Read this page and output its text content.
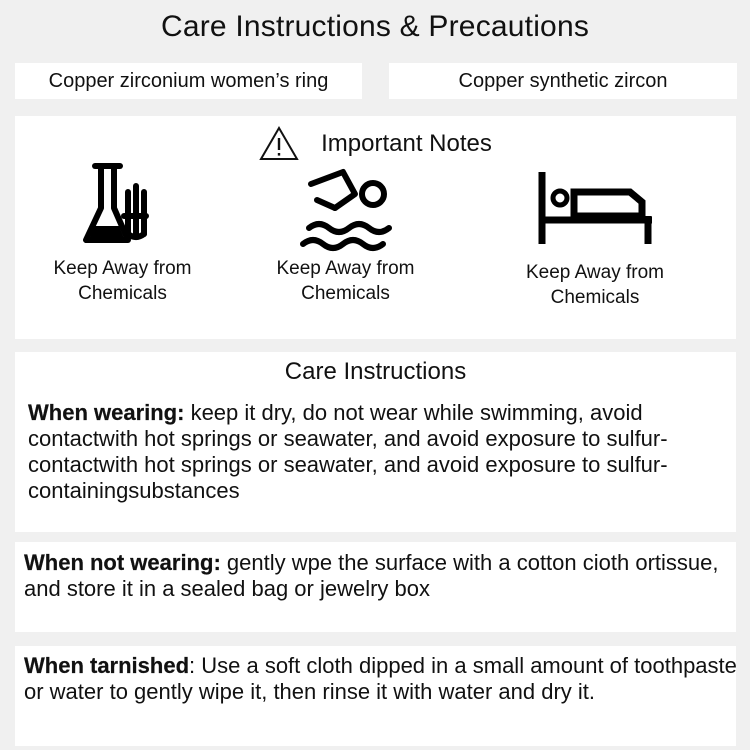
Care Instructions & Precautions
Copper zirconium women’s ring	Copper synthetic zircon
Important Notes
Keep Away from
Chemicals
Keep Away from
Chemicals
Keep Away from
Chemicals
Care Instructions
When wearing: keep it dry, do not wear while swimming, avoid contactwith hot springs or seawater, and avoid exposure to sulfur-contactwith hot springs or seawater, and avoid exposure to sulfur-containingsubstances
When not wearing: gently wpe the surface with a cotton cioth ortissue, and store it in a sealed bag or jewelry box
When tarnished: Use a soft cloth dipped in a small amount of toothpaste or water to gently wipe it, then rinse it with water and dry it.
